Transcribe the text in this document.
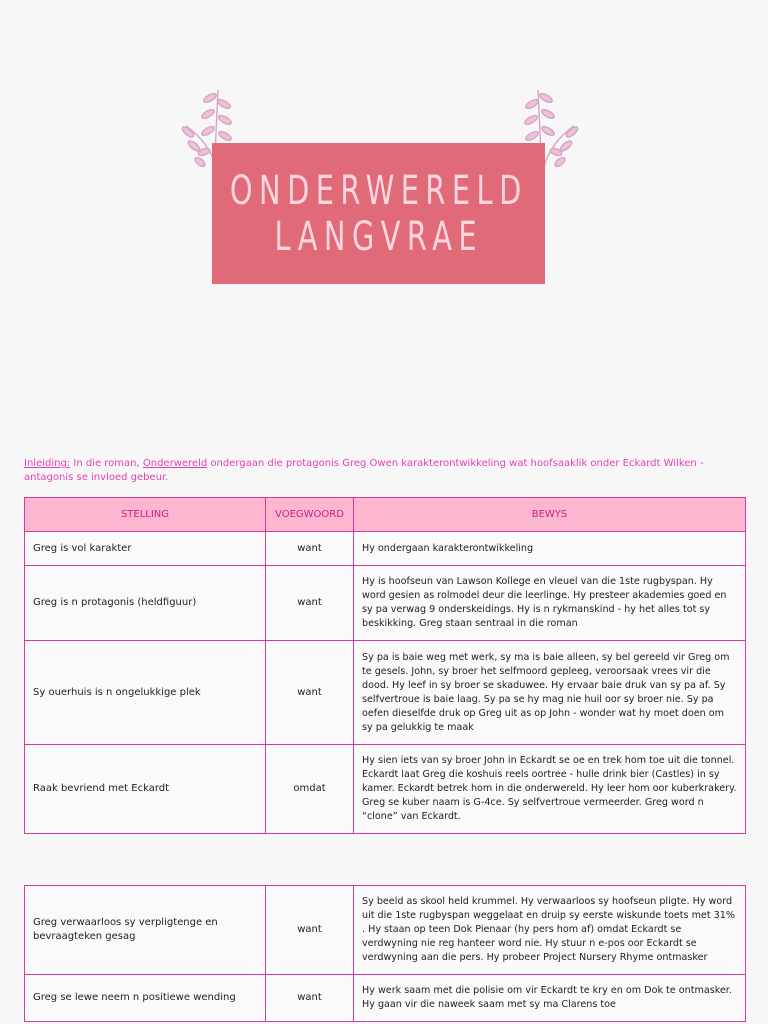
ONDERWERELD
LANGVRAE
Inleiding: In die roman, Onderwereld ondergaan die protagonis Greg Owen karakterontwikkeling wat hoofsaaklik onder Eckardt Wilken - antagonis se invloed gebeur.
STELLING	VOEGWOORD	BEWYS
Greg is vol karakter	want	Hy ondergaan karakterontwikkeling
Greg is n protagonis (heldfiguur)	want	Hy is hoofseun van Lawson Kollege en vleuel van die 1ste rugbyspan. Hy word gesien as rolmodel deur die leerlinge. Hy presteer akademies goed en sy pa verwag 9 onderskeidings. Hy is n rykmanskind - hy het alles tot sy beskikking. Greg staan sentraal in die roman
Sy ouerhuis is n ongelukkige plek	want	Sy pa is baie weg met werk, sy ma is baie alleen, sy bel gereeld vir Greg om te gesels. John, sy broer het selfmoord gepleeg, veroorsaak vrees vir die dood. Hy leef in sy broer se skaduwee. Hy ervaar baie druk van sy pa af. Sy selfvertroue is baie laag. Sy pa se hy mag nie huil oor sy broer nie. Sy pa oefen dieselfde druk op Greg uit as op John - wonder wat hy moet doen om sy pa gelukkig te maak
Raak bevriend met Eckardt	omdat	Hy sien iets van sy broer John in Eckardt se oe en trek hom toe uit die tonnel. Eckardt laat Greg die koshuis reels oortree - hulle drink bier (Castles) in sy kamer. Eckardt betrek hom in die onderwereld. Hy leer hom oor kuberkrakery. Greg se kuber naam is G-4ce. Sy selfvertroue vermeerder. Greg word n “clone” van Eckardt.
Greg verwaarloos sy verpligtenge en bevraagteken gesag	want	Sy beeld as skool held krummel. Hy verwaarloos sy hoofseun pligte. Hy word uit die 1ste rugbyspan weggelaat en druip sy eerste wiskunde toets met 31% . Hy staan op teen Dok Pienaar (hy pers hom af) omdat Eckardt se verdwyning nie reg hanteer word nie. Hy stuur n e-pos oor Eckardt se verdwyning aan die pers. Hy probeer Project Nursery Rhyme ontmasker
Greg se lewe neem n positiewe wending	want	Hy werk saam met die polisie om vir Eckardt te kry en om Dok te ontmasker. Hy gaan vir die naweek saam met sy ma Clarens toe
